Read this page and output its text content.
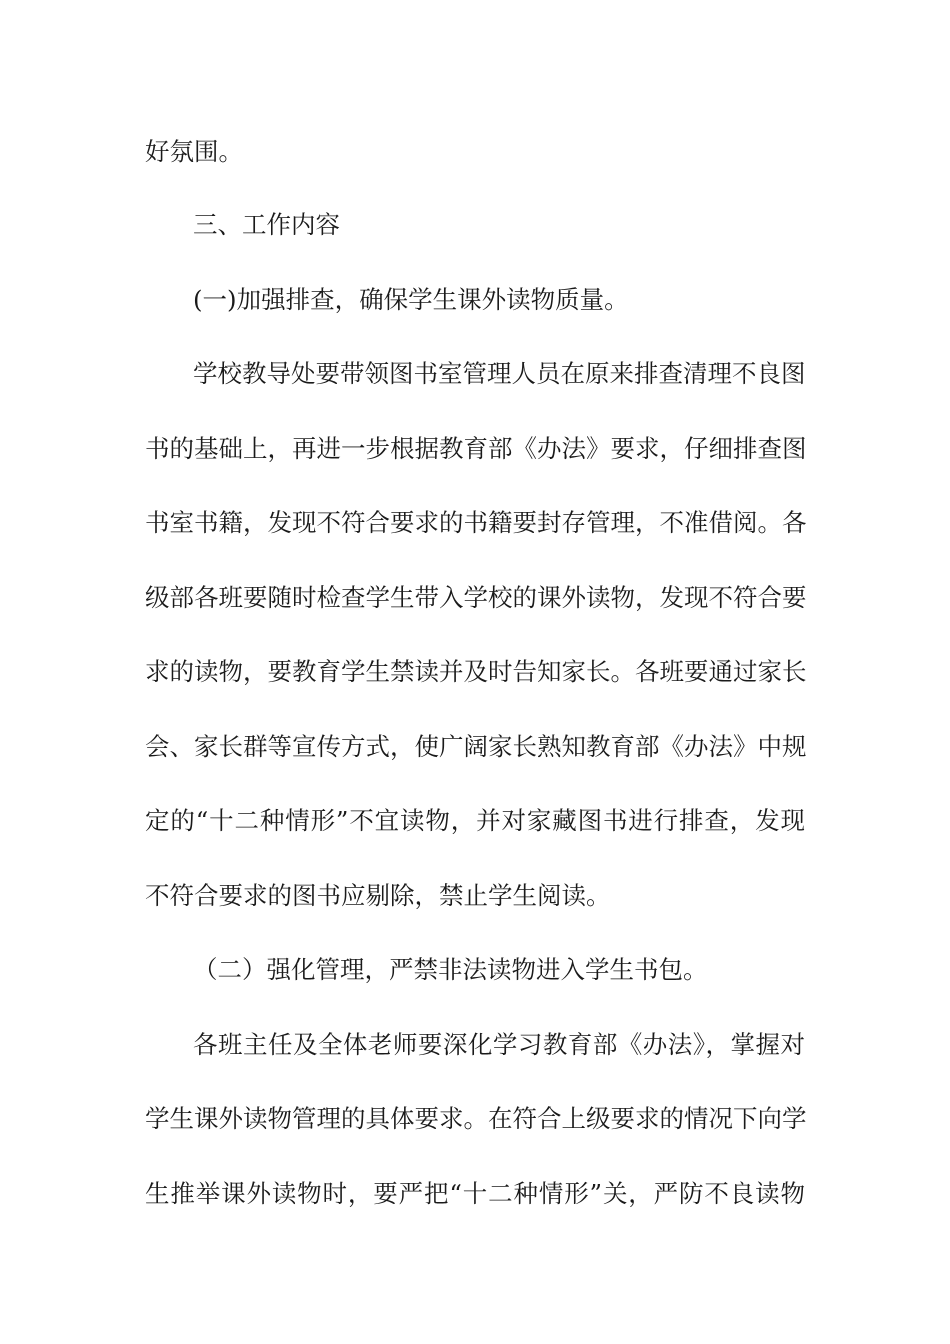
好氛围。
三、工作内容
(一)加强排查，确保学生课外读物质量。
学校教导处要带领图书室管理人员在原来排查清理不良图
书的基础上，再进一步根据教育部《办法》要求，仔细排查图
书室书籍，发现不符合要求的书籍要封存管理，不准借阅。各
级部各班要随时检查学生带入学校的课外读物，发现不符合要
求的读物，要教育学生禁读并及时告知家长。各班要通过家长
会、家长群等宣传方式，使广阔家长熟知教育部《办法》中规
定的“十二种情形”不宜读物，并对家藏图书进行排查，发现
不符合要求的图书应剔除，禁止学生阅读。
（二）强化管理，严禁非法读物进入学生书包。
各班主任及全体老师要深化学习教育部《办法》，掌握对
学生课外读物管理的具体要求。在符合上级要求的情况下向学
生推举课外读物时，要严把“十二种情形”关，严防不良读物
